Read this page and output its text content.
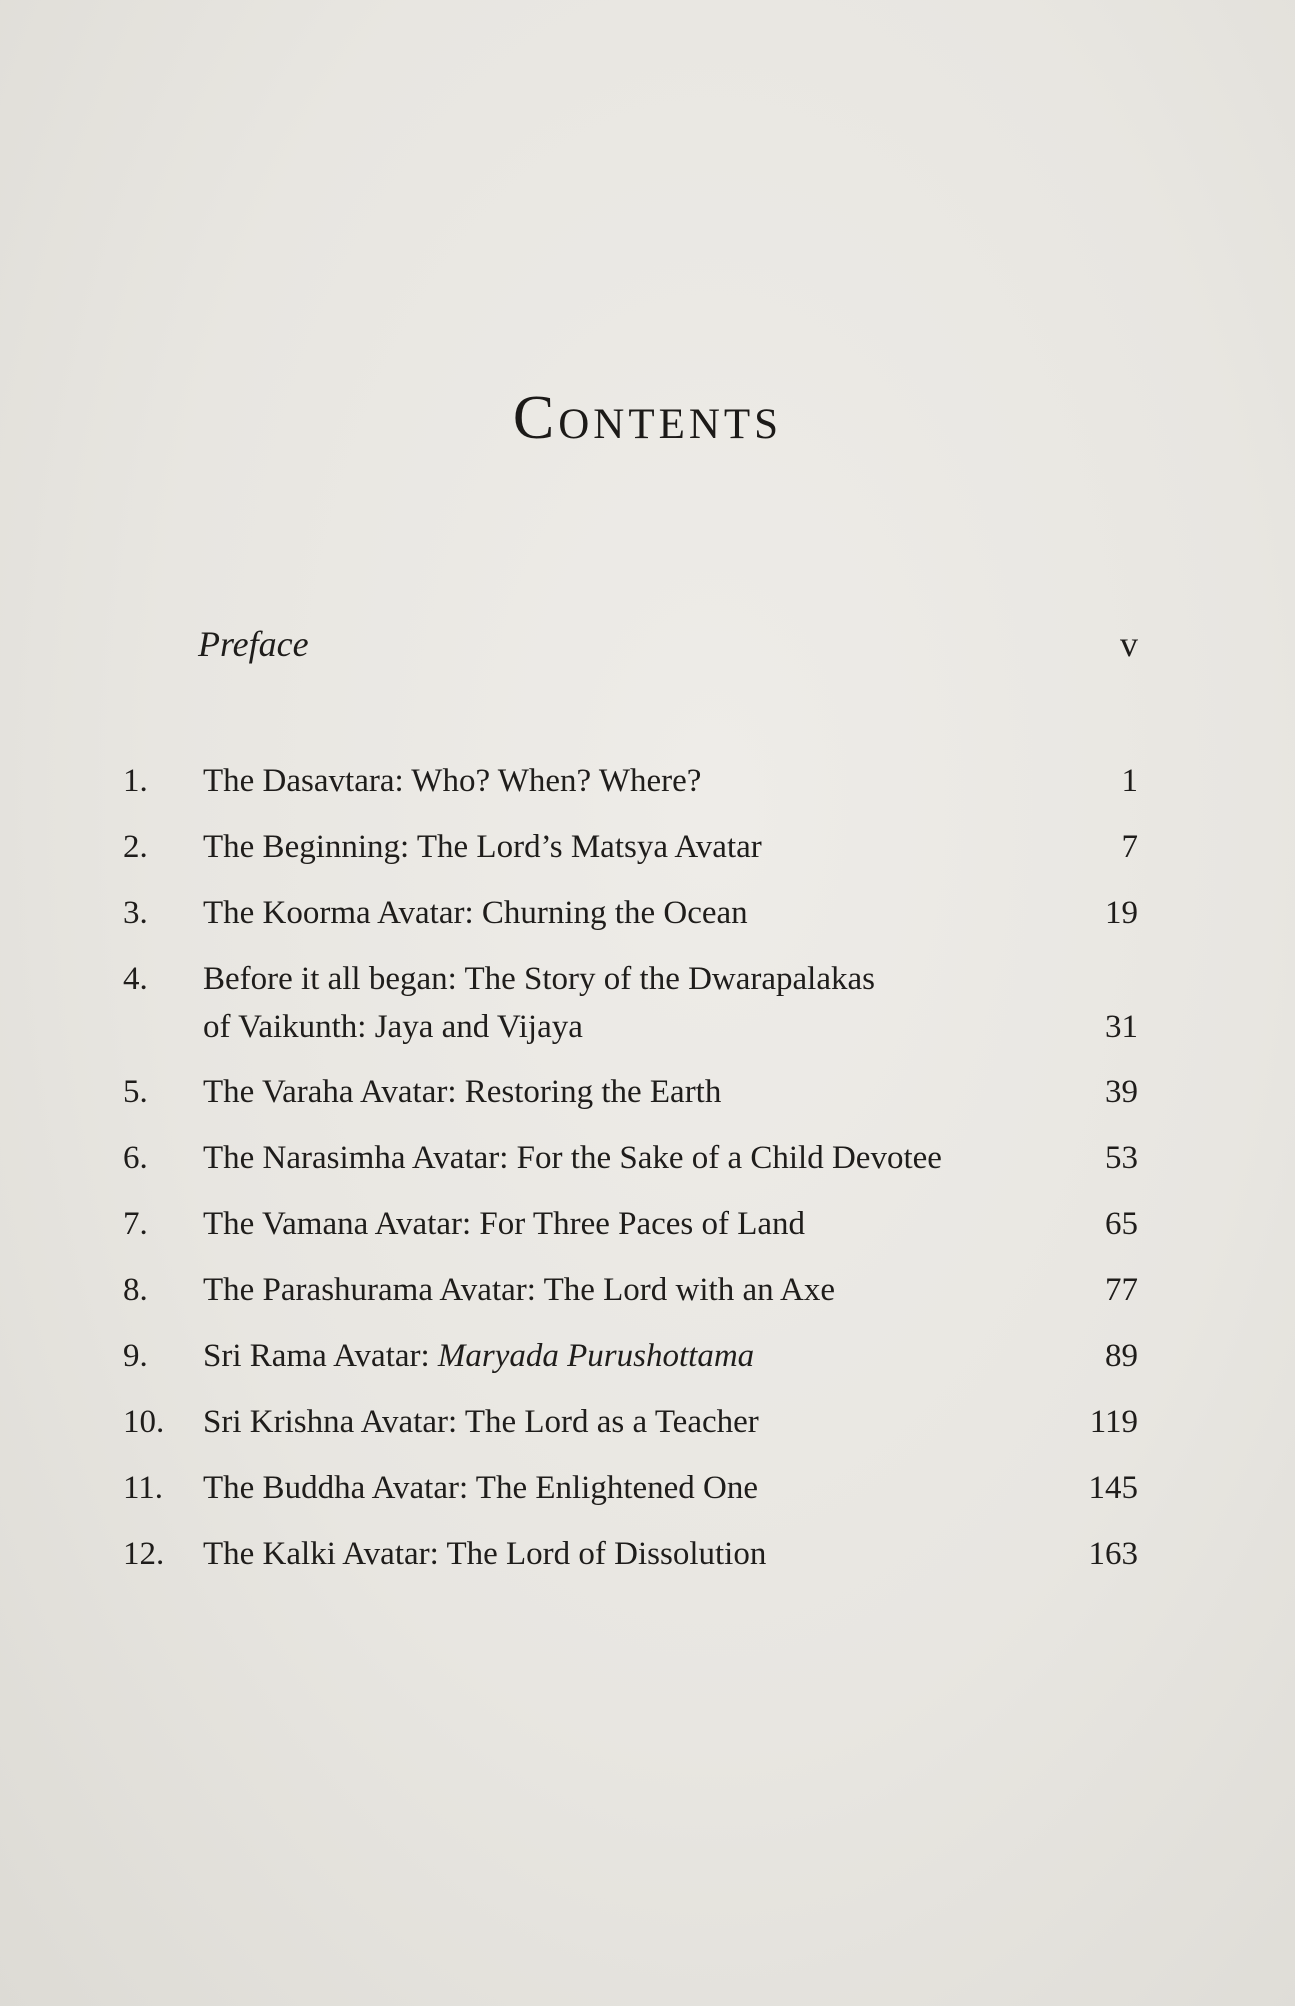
Contents
Preface	v
1. The Dasavtara: Who? When? Where?	1
2. The Beginning: The Lord’s Matsya Avatar	7
3. The Koorma Avatar: Churning the Ocean	19
4. Before it all began: The Story of the Dwarapalakas
of Vaikunth: Jaya and Vijaya	31
5. The Varaha Avatar: Restoring the Earth	39
6. The Narasimha Avatar: For the Sake of a Child Devotee	53
7. The Vamana Avatar: For Three Paces of Land	65
8. The Parashurama Avatar: The Lord with an Axe	77
9. Sri Rama Avatar: Maryada Purushottama	89
10. Sri Krishna Avatar: The Lord as a Teacher	119
11. The Buddha Avatar: The Enlightened One	145
12. The Kalki Avatar: The Lord of Dissolution	163
